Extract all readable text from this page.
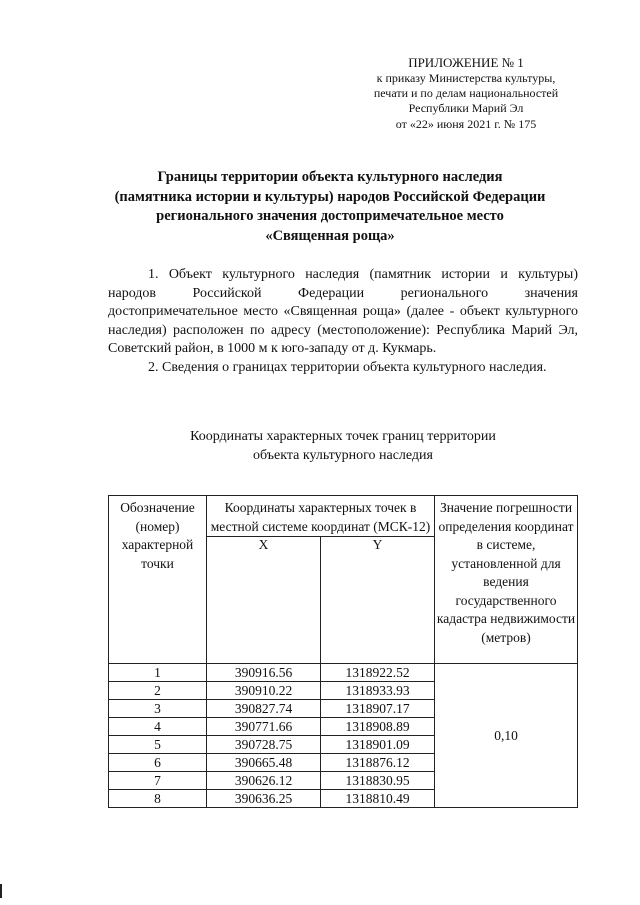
ПРИЛОЖЕНИЕ № 1
к приказу Министерства культуры,
печати и по делам национальностей
Республики Марий Эл
от «22» июня 2021 г. № 175
Границы территории объекта культурного наследия
(памятника истории и культуры) народов Российской Федерации
регионального значения достопримечательное место
«Священная роща»

1. Объект культурного наследия (памятник истории и культуры) народов Российской Федерации регионального значения достопримечательное место «Священная роща» (далее - объект культурного наследия) расположен по адресу (местоположение): Республика Марий Эл, Советский район, в 1000 м к юго-западу от д. Кукмарь.

2. Сведения о границах территории объекта культурного наследия.

Координаты характерных точек границ территории
объекта культурного наследия
Обозначение (номер) характерной точки	Координаты характерных точек в местной системе координат (МСК-12)		Значение погрешности определения координат в системе, установленной для ведения государственного кадастра недвижимости (метров)
	X	Y	
1	390916.56	1318922.52	0,10
2	390910.22	1318933.93	
3	390827.74	1318907.17	
4	390771.66	1318908.89	
5	390728.75	1318901.09	
6	390665.48	1318876.12	
7	390626.12	1318830.95	
8	390636.25	1318810.49	
